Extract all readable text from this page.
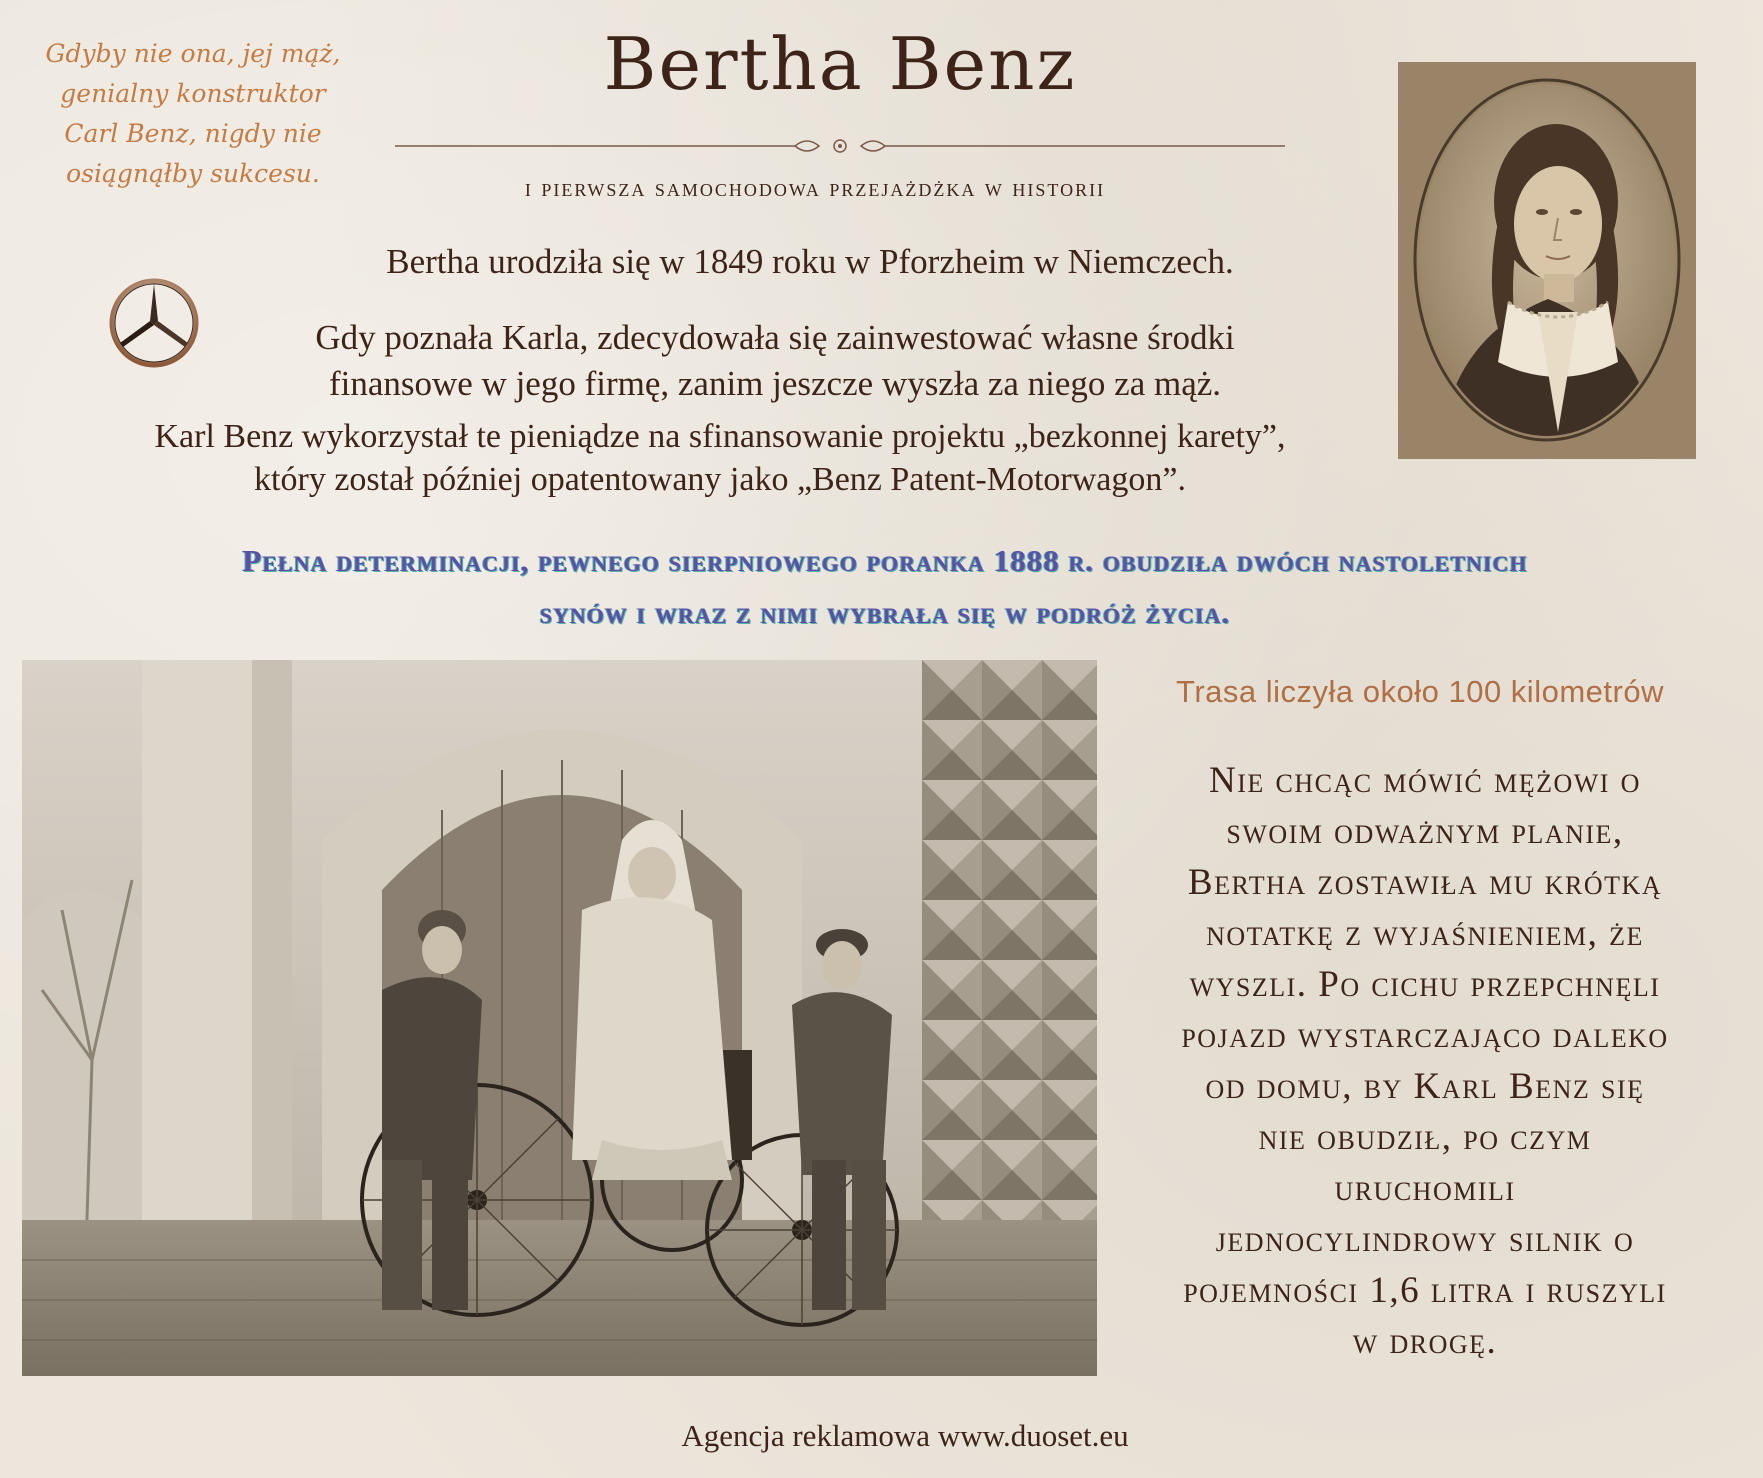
Gdyby nie ona, jej mąż, genialny konstruktor Carl Benz, nigdy nie osiągnąłby sukcesu.
Bertha Benz
i pierwsza samochodowa przejażdżka w historii
Bertha urodziła się w 1849 roku w Pforzheim w Niemczech.
Gdy poznała Karla, zdecydowała się zainwestować własne środki
finansowe w jego firmę, zanim jeszcze wyszła za niego za mąż.
Karl Benz wykorzystał te pieniądze na sfinansowanie projektu „bezkonnej karety”,
który został później opatentowany jako „Benz Patent-Motorwagon”.
Pełna determinacji, pewnego sierpniowego poranka 1888 r. obudziła dwóch nastoletnich
synów i wraz z nimi wybrała się w podróż życia.
Trasa liczyła około 100 kilometrów
Nie chcąc mówić mężowi o
swoim odważnym planie,
Bertha zostawiła mu krótką
notatkę z wyjaśnieniem, że
wyszli. Po cichu przepchnęli
pojazd wystarczająco daleko
od domu, by Karl Benz się
nie obudził, po czym
uruchomili
jednocylindrowy silnik o
pojemności 1,6 litra i ruszyli
w drogę.
Agencja reklamowa www.duoset.eu
